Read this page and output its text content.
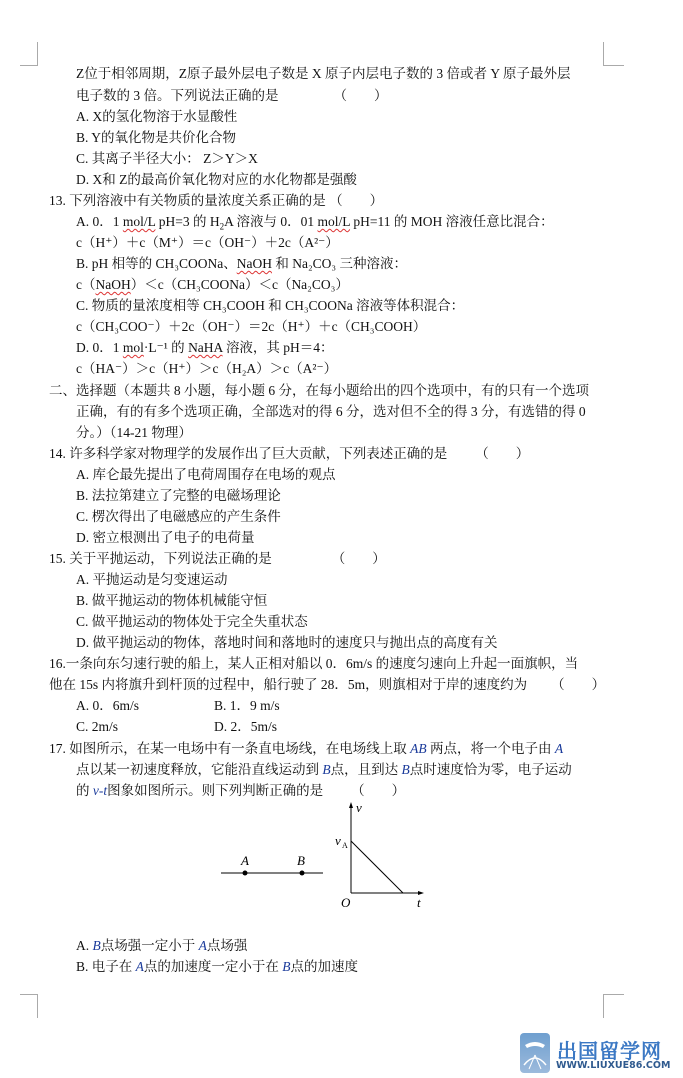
Z位于相邻周期，Z原子最外层电子数是 X 原子内层电子数的 3 倍或者 Y 原子最外层
电子数的 3 倍。下列说法正确的是	（　　）
A. X的氢化物溶于水显酸性
B. Y的氧化物是共价化合物
C. 其离子半径大小： Z＞Y＞X
D. X和 Z的最高价氧化物对应的水化物都是强酸
13. 下列溶液中有关物质的量浓度关系正确的是 （　　）
A. 0．1 mol/L pH=3 的 $H_2A$ 溶液与 0．01 mol/L pH=11 的 MOH 溶液任意比混合：
c（H⁺）＋c（M⁺）＝c（OH⁻）＋2c（A²⁻）
B. pH 相等的 CH₃COONa、NaOH 和 Na₂CO₃ 三种溶液：
c（NaOH）＜c（CH₃COONa）＜c（Na₂CO₃）
C. 物质的量浓度相等 CH₃COOH 和 CH₃COONa 溶液等体积混合：
c（CH₃COO⁻）＋2c（OH⁻）＝2c（H⁺）＋c（CH₃COOH）
D. 0．1 mol·L⁻¹ 的 NaHA 溶液，其 pH＝4：
c（HA⁻）＞c（H⁺）＞c（H₂A）＞c（A²⁻）
二、选择题（本题共 8 小题，每小题 6 分，在每小题给出的四个选项中，有的只有一个选项
正确，有的有多个选项正确，全部选对的得 6 分，选对但不全的得 3 分，有选错的得 0
分。）（14-21 物理）
14. 许多科学家对物理学的发展作出了巨大贡献，下列表述正确的是 （　　）
A. 库仑最先提出了电荷周围存在电场的观点
B. 法拉第建立了完整的电磁场理论
C. 楞次得出了电磁感应的产生条件
D. 密立根测出了电子的电荷量
15. 关于平抛运动，下列说法正确的是	（　　）
A. 平抛运动是匀变速运动
B. 做平抛运动的物体机械能守恒
C. 做平抛运动的物体处于完全失重状态
D. 做平抛运动的物体，落地时间和落地时的速度只与抛出点的高度有关
16.一条向东匀速行驶的船上，某人正相对船以 0．6m/s 的速度匀速向上升起一面旗帜，当
他在 15s 内将旗升到杆顶的过程中，船行驶了 28．5m，则旗相对于岸的速度约为 （　　）
A. 0．6m/s	B. 1．9 m/s
C. 2m/s	D. 2．5m/s
17. 如图所示，在某一电场中有一条直电场线，在电场线上取 AB 两点，将一个电子由 A
点以某一初速度释放，它能沿直线运动到 B点，且到达 B点时速度恰为零，电子运动
的 v-t图象如图所示。则下列判断正确的是 （　　）
A	B
v
t
O
v A
A. B点场强一定小于 A点场强
B. 电子在 A点的加速度一定小于在 B点的加速度
出国留学网
WWW.LIUXUE86.COM
